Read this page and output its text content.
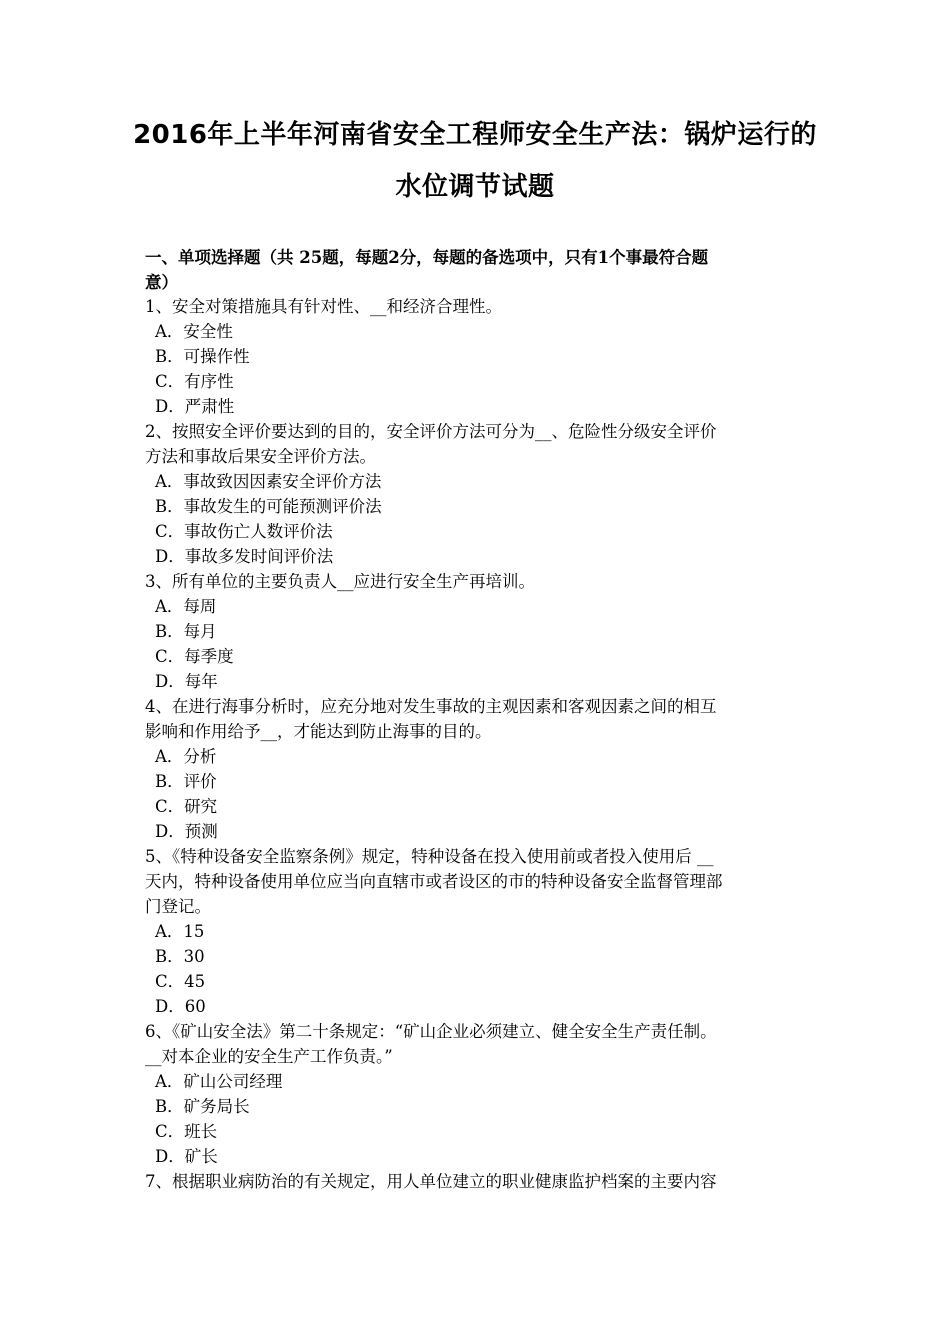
2016年上半年河南省安全工程师安全生产法：锅炉运行的
水位调节试题
一、单项选择题（共 25题，每题2分，每题的备选项中，只有1个事最符合题
意）
1、安全对策措施具有针对性、__和经济合理性。
A．安全性
B．可操作性
C．有序性
D．严肃性
2、按照安全评价要达到的目的，安全评价方法可分为__、危险性分级安全评价
方法和事故后果安全评价方法。
A．事故致因因素安全评价方法
B．事故发生的可能预测评价法
C．事故伤亡人数评价法
D．事故多发时间评价法
3、所有单位的主要负责人__应进行安全生产再培训。
A．每周
B．每月
C．每季度
D．每年
4、在进行海事分析时，应充分地对发生事故的主观因素和客观因素之间的相互
影响和作用给予__，才能达到防止海事的目的。
A．分析
B．评价
C．研究
D．预测
5、《特种设备安全监察条例》规定，特种设备在投入使用前或者投入使用后 __
天内，特种设备使用单位应当向直辖市或者设区的市的特种设备安全监督管理部
门登记。
A．15
B．30
C．45
D．60
6、《矿山安全法》第二十条规定：“矿山企业必须建立、健全安全生产责任制。
__对本企业的安全生产工作负责。”
A．矿山公司经理
B．矿务局长
C．班长
D．矿长
7、根据职业病防治的有关规定，用人单位建立的职业健康监护档案的主要内容
